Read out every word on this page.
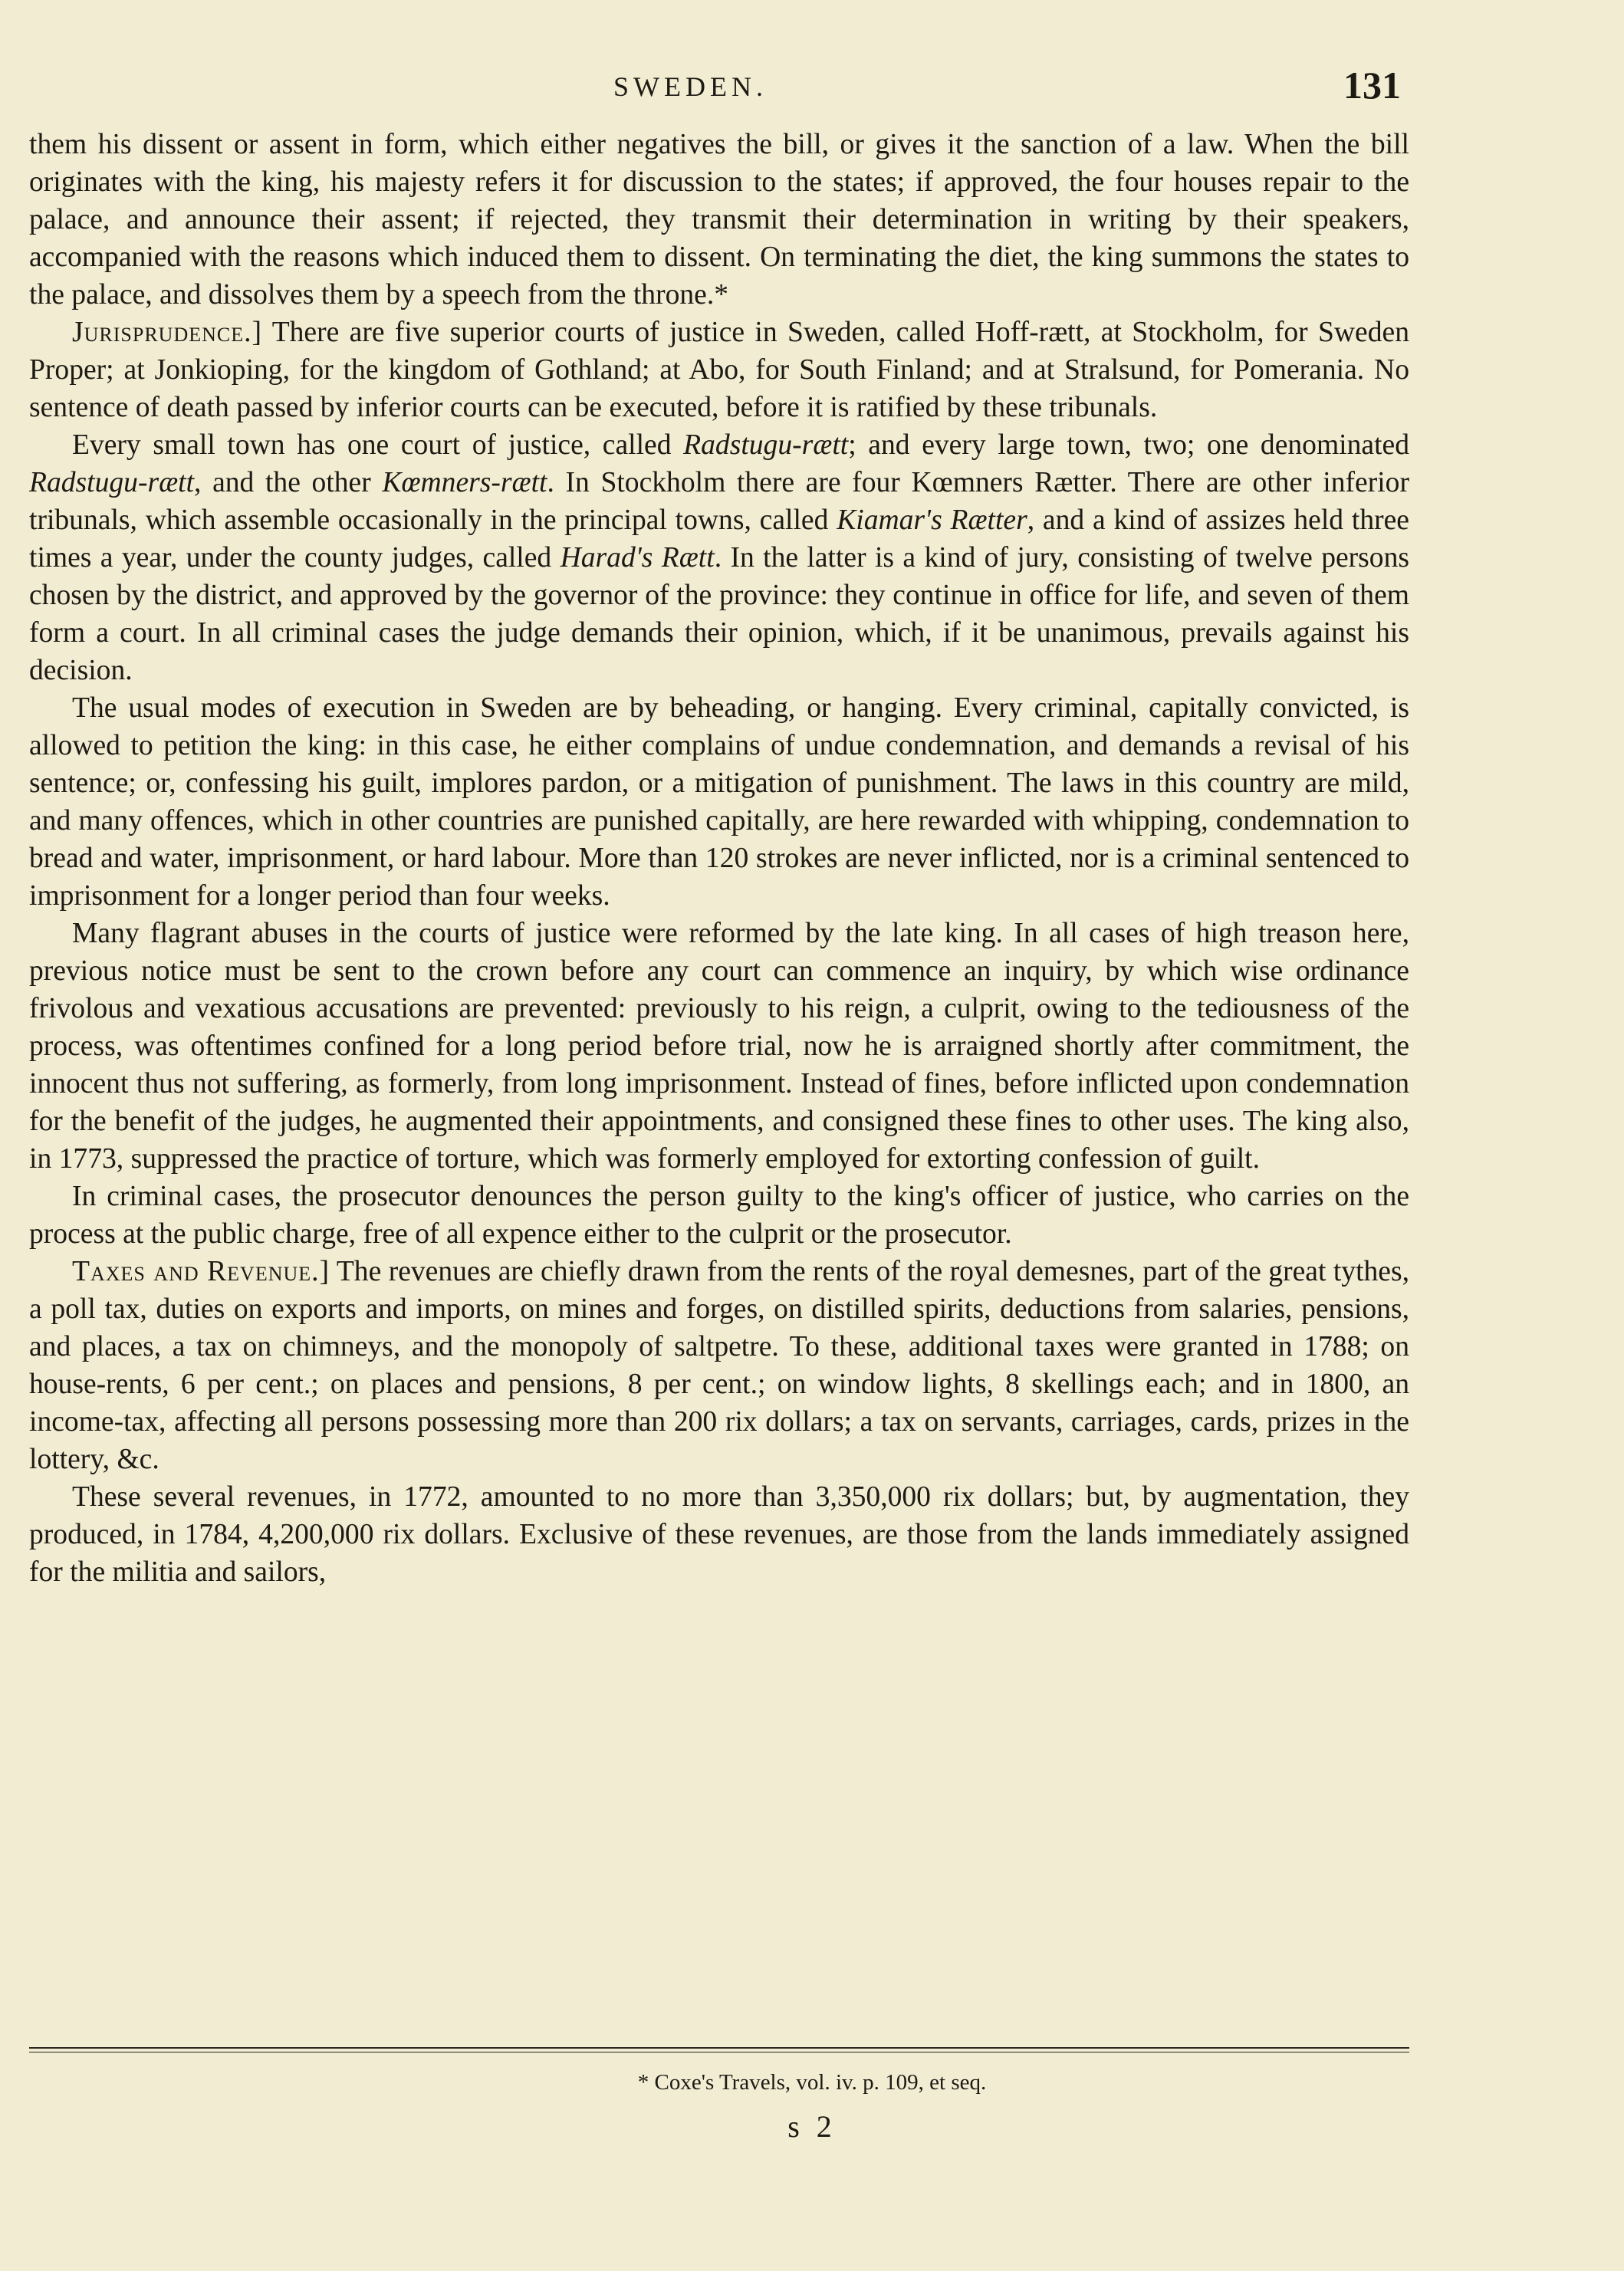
SWEDEN.	131

them his dissent or assent in form, which either negatives the bill, or gives it the sanction of a law. When the bill originates with the king, his majesty refers it for discussion to the states; if approved, the four houses repair to the palace, and announce their assent; if rejected, they transmit their determination in writing by their speakers, accompanied with the reasons which induced them to dissent. On terminating the diet, the king summons the states to the palace, and dissolves them by a speech from the throne.*

Jurisprudence.] There are five superior courts of justice in Sweden, called Hoff-rætt, at Stockholm, for Sweden Proper; at Jonkioping, for the kingdom of Gothland; at Abo, for South Finland; and at Stralsund, for Pomerania. No sentence of death passed by inferior courts can be executed, before it is ratified by these tribunals.

Every small town has one court of justice, called Radstugu-rætt; and every large town, two; one denominated Radstugu-rætt, and the other Kœmners-rætt. In Stockholm there are four Kœmners Rætter. There are other inferior tribunals, which assemble occasionally in the principal towns, called Kiamar's Rætter, and a kind of assizes held three times a year, under the county judges, called Harad's Rætt. In the latter is a kind of jury, consisting of twelve persons chosen by the district, and approved by the governor of the province: they continue in office for life, and seven of them form a court. In all criminal cases the judge demands their opinion, which, if it be unanimous, prevails against his decision.

The usual modes of execution in Sweden are by beheading, or hanging. Every criminal, capitally convicted, is allowed to petition the king: in this case, he either complains of undue condemnation, and demands a revisal of his sentence; or, confessing his guilt, implores pardon, or a mitigation of punishment. The laws in this country are mild, and many offences, which in other countries are punished capitally, are here rewarded with whipping, condemnation to bread and water, imprisonment, or hard labour. More than 120 strokes are never inflicted, nor is a criminal sentenced to imprisonment for a longer period than four weeks.

Many flagrant abuses in the courts of justice were reformed by the late king. In all cases of high treason here, previous notice must be sent to the crown before any court can commence an inquiry, by which wise ordinance frivolous and vexatious accusations are prevented: previously to his reign, a culprit, owing to the tediousness of the process, was oftentimes confined for a long period before trial, now he is arraigned shortly after commitment, the innocent thus not suffering, as formerly, from long imprisonment. Instead of fines, before inflicted upon condemnation for the benefit of the judges, he augmented their appointments, and consigned these fines to other uses. The king also, in 1773, suppressed the practice of torture, which was formerly employed for extorting confession of guilt.

In criminal cases, the prosecutor denounces the person guilty to the king's officer of justice, who carries on the process at the public charge, free of all expence either to the culprit or the prosecutor.

Taxes and Revenue.] The revenues are chiefly drawn from the rents of the royal demesnes, part of the great tythes, a poll tax, duties on exports and imports, on mines and forges, on distilled spirits, deductions from salaries, pensions, and places, a tax on chimneys, and the monopoly of saltpetre. To these, additional taxes were granted in 1788; on house-rents, 6 per cent.; on places and pensions, 8 per cent.; on window lights, 8 skellings each; and in 1800, an income-tax, affecting all persons possessing more than 200 rix dollars; a tax on servants, carriages, cards, prizes in the lottery, &c.

These several revenues, in 1772, amounted to no more than 3,350,000 rix dollars; but, by augmentation, they produced, in 1784, 4,200,000 rix dollars. Exclusive of these revenues, are those from the lands immediately assigned for the militia and sailors,

* Coxe's Travels, vol. iv. p. 109, et seq.
s 2
